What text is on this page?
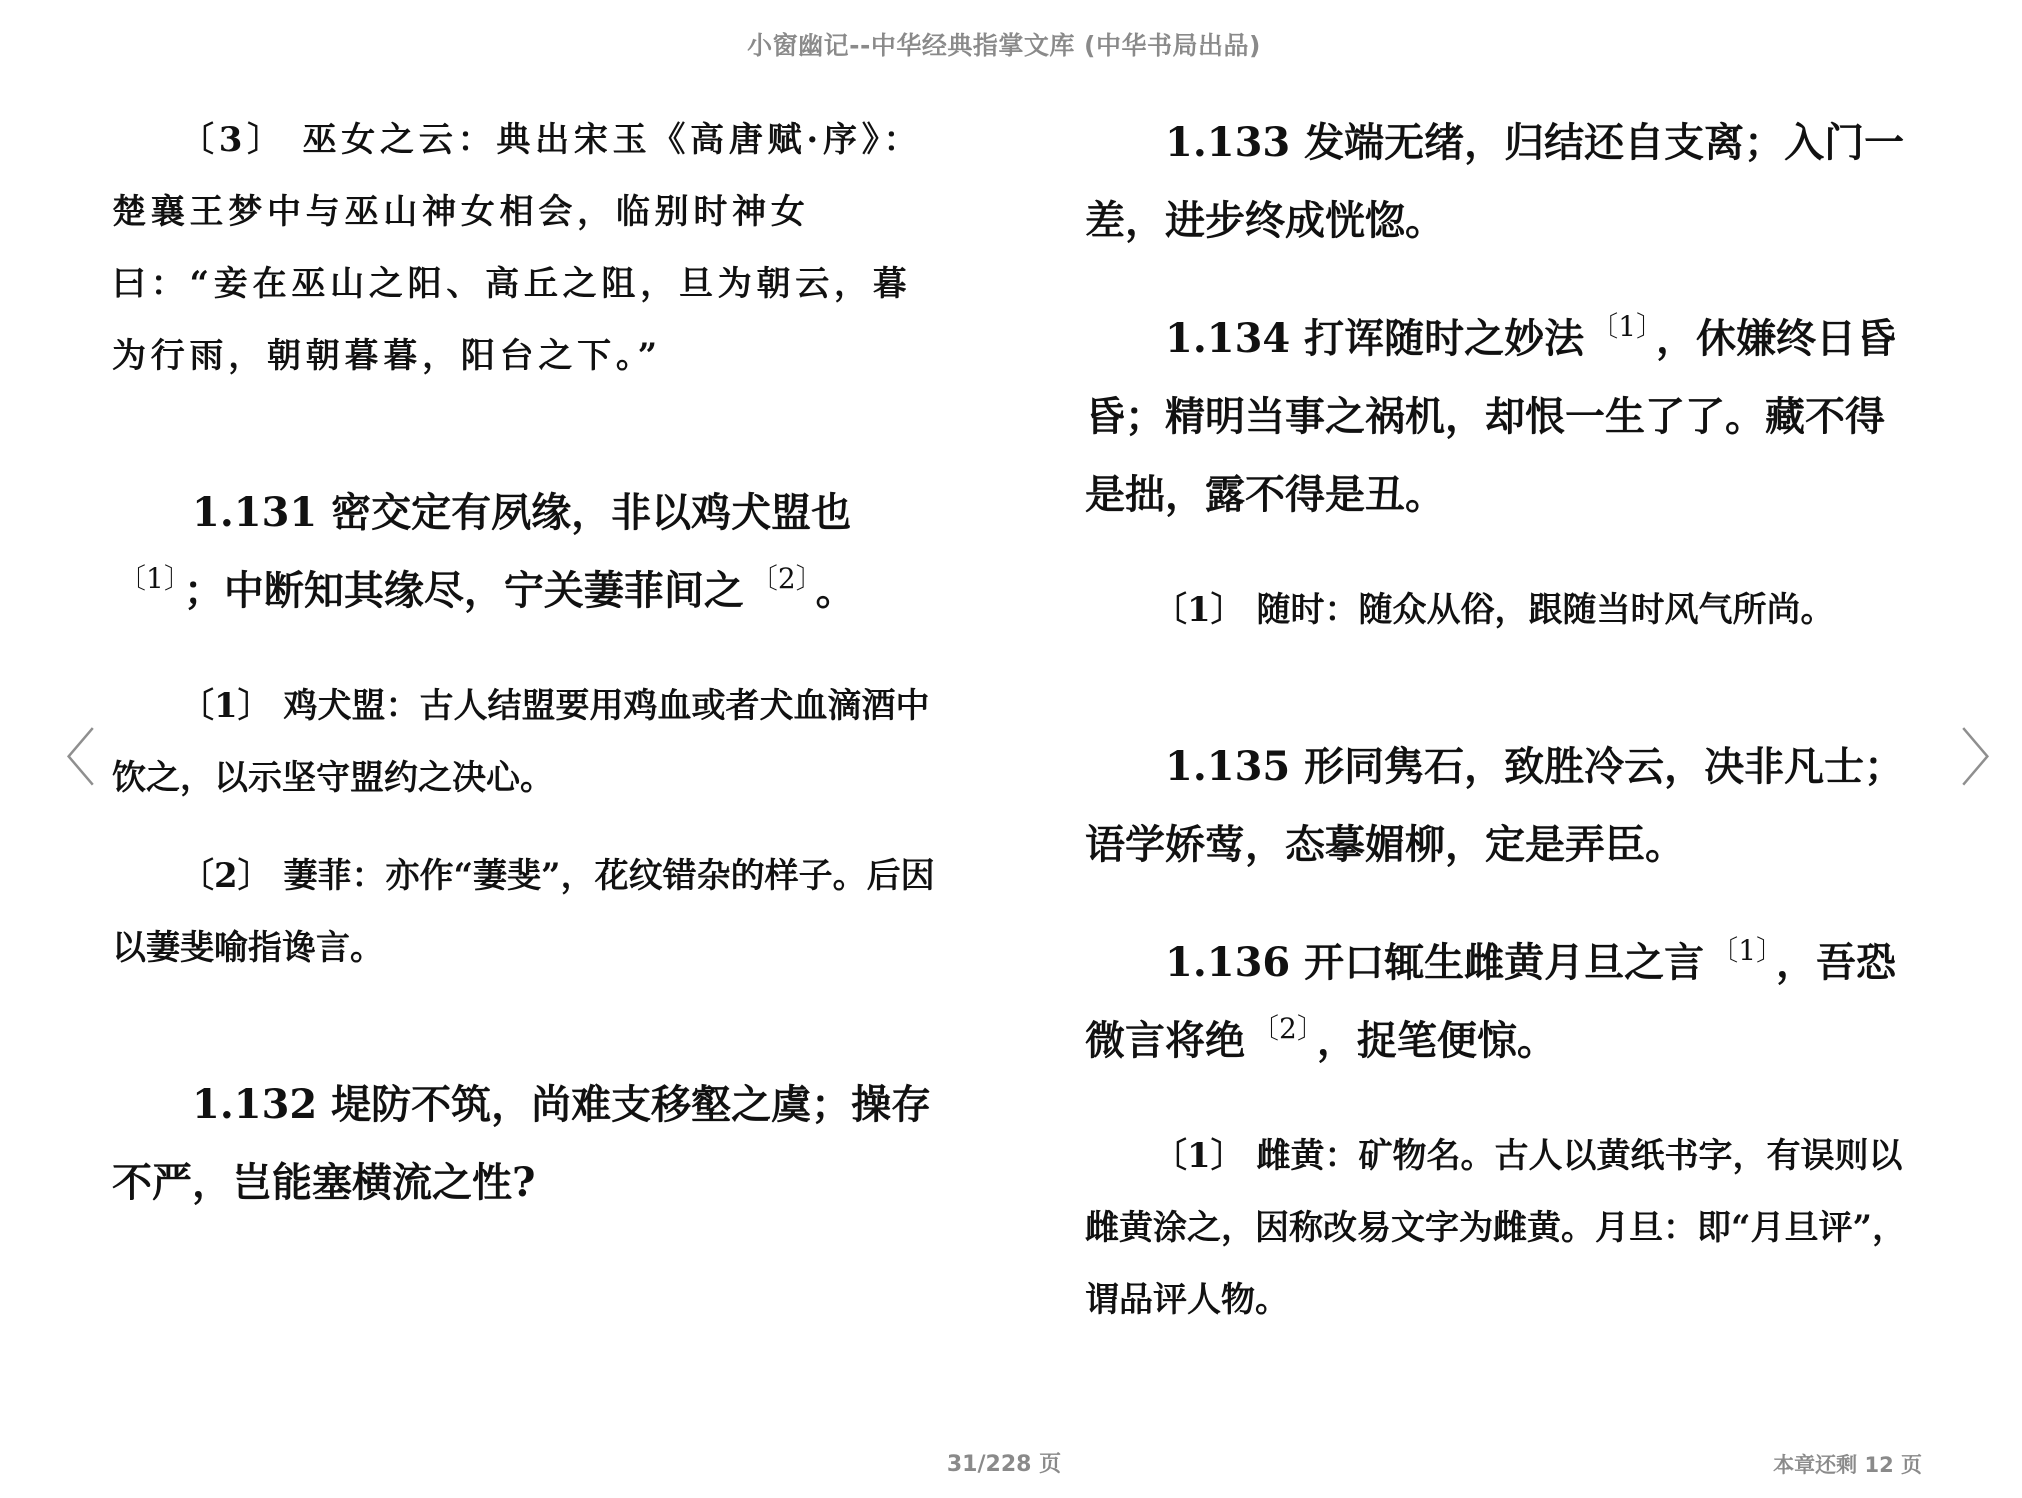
小窗幽记--中华经典指掌文库 (中华书局出品)
〈	〉

〔3〕 巫女之云：典出宋玉《高唐赋·序》：楚襄王梦中与巫山神女相会，临别时神女曰：“妾在巫山之阳、高丘之阻，旦为朝云，暮为行雨，朝朝暮暮，阳台之下。”

1.131 密交定有夙缘，非以鸡犬盟也$^{〔1〕}$ ；中断知其缘尽，宁关萋菲间之 $^{〔2〕}$ 。

〔1〕 鸡犬盟：古人结盟要用鸡血或者犬血滴酒中饮之，以示坚守盟约之决心。

〔2〕 萋菲：亦作“萋斐”，花纹错杂的样子。后因以萋斐喻指谗言。

1.132 堤防不筑，尚难支移壑之虞；操存不严，岂能塞横流之性?

1.133 发端无绪，归结还自支离；入门一差，进步终成恍惚。

1.134 打诨随时之妙法 $^{〔1〕}$ ，休嫌终日昏昏；精明当事之祸机，却恨一生了了。藏不得是拙，露不得是丑。

〔1〕 随时：随众从俗，跟随当时风气所尚。

1.135 形同隽石，致胜冷云，决非凡士；语学娇莺，态摹媚柳，定是弄臣。

1.136 开口辄生雌黄月旦之言 $^{〔1〕}$ ，吾恐微言将绝 $^{〔2〕}$ ，捉笔便惊。

〔1〕 雌黄：矿物名。古人以黄纸书字，有误则以雌黄涂之，因称改易文字为雌黄。月旦：即“月旦评”，谓品评人物。

31/228 页	本章还剩 12 页
